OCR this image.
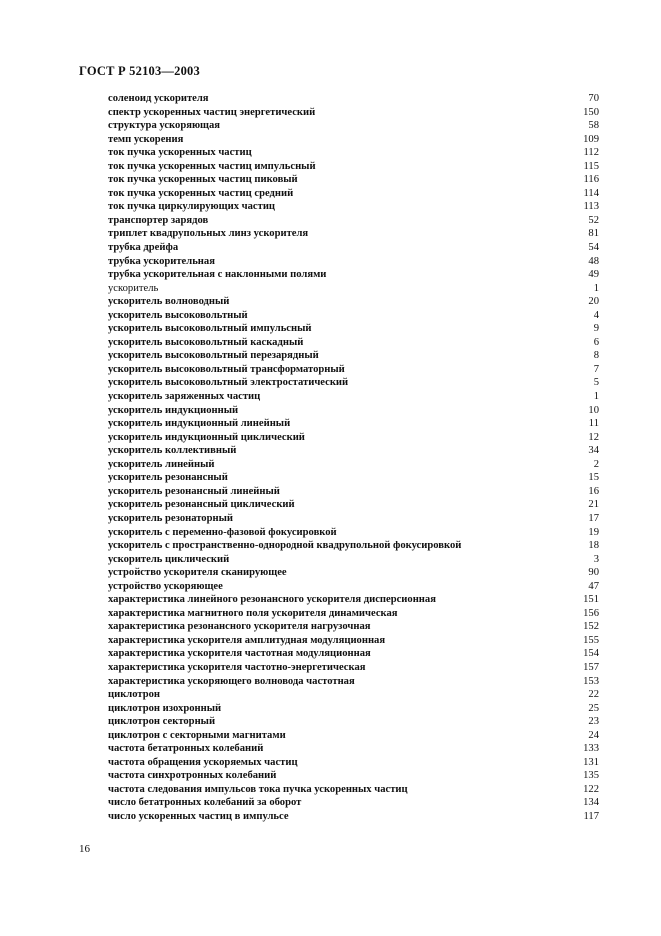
ГОСТ Р 52103—2003
соленоид ускорителя	70
спектр ускоренных частиц энергетический	150
структура ускоряющая	58
темп ускорения	109
ток пучка ускоренных частиц	112
ток пучка ускоренных частиц импульсный	115
ток пучка ускоренных частиц пиковый	116
ток пучка ускоренных частиц средний	114
ток пучка циркулирующих частиц	113
транспортер зарядов	52
триплет квадрупольных линз ускорителя	81
трубка дрейфа	54
трубка ускорительная	48
трубка ускорительная с наклонными полями	49
ускоритель	1
ускоритель волноводный	20
ускоритель высоковольтный	4
ускоритель высоковольтный импульсный	9
ускоритель высоковольтный каскадный	6
ускоритель высоковольтный перезарядный	8
ускоритель высоковольтный трансформаторный	7
ускоритель высоковольтный электростатический	5
ускоритель заряженных частиц	1
ускоритель индукционный	10
ускоритель индукционный линейный	11
ускоритель индукционный циклический	12
ускоритель коллективный	34
ускоритель линейный	2
ускоритель резонансный	15
ускоритель резонансный линейный	16
ускоритель резонансный циклический	21
ускоритель резонаторный	17
ускоритель с переменно-фазовой фокусировкой	19
ускоритель с пространственно-однородной квадрупольной фокусировкой	18
ускоритель циклический	3
устройство ускорителя сканирующее	90
устройство ускоряющее	47
характеристика линейного резонансного ускорителя дисперсионная	151
характеристика магнитного поля ускорителя динамическая	156
характеристика резонансного ускорителя нагрузочная	152
характеристика ускорителя амплитудная модуляционная	155
характеристика ускорителя частотная модуляционная	154
характеристика ускорителя частотно-энергетическая	157
характеристика ускоряющего волновода частотная	153
циклотрон	22
циклотрон изохронный	25
циклотрон секторный	23
циклотрон с секторными магнитами	24
частота бетатронных колебаний	133
частота обращения ускоряемых частиц	131
частота синхротронных колебаний	135
частота следования импульсов тока пучка ускоренных частиц	122
число бетатронных колебаний за оборот	134
число ускоренных частиц в импульсе	117
16
